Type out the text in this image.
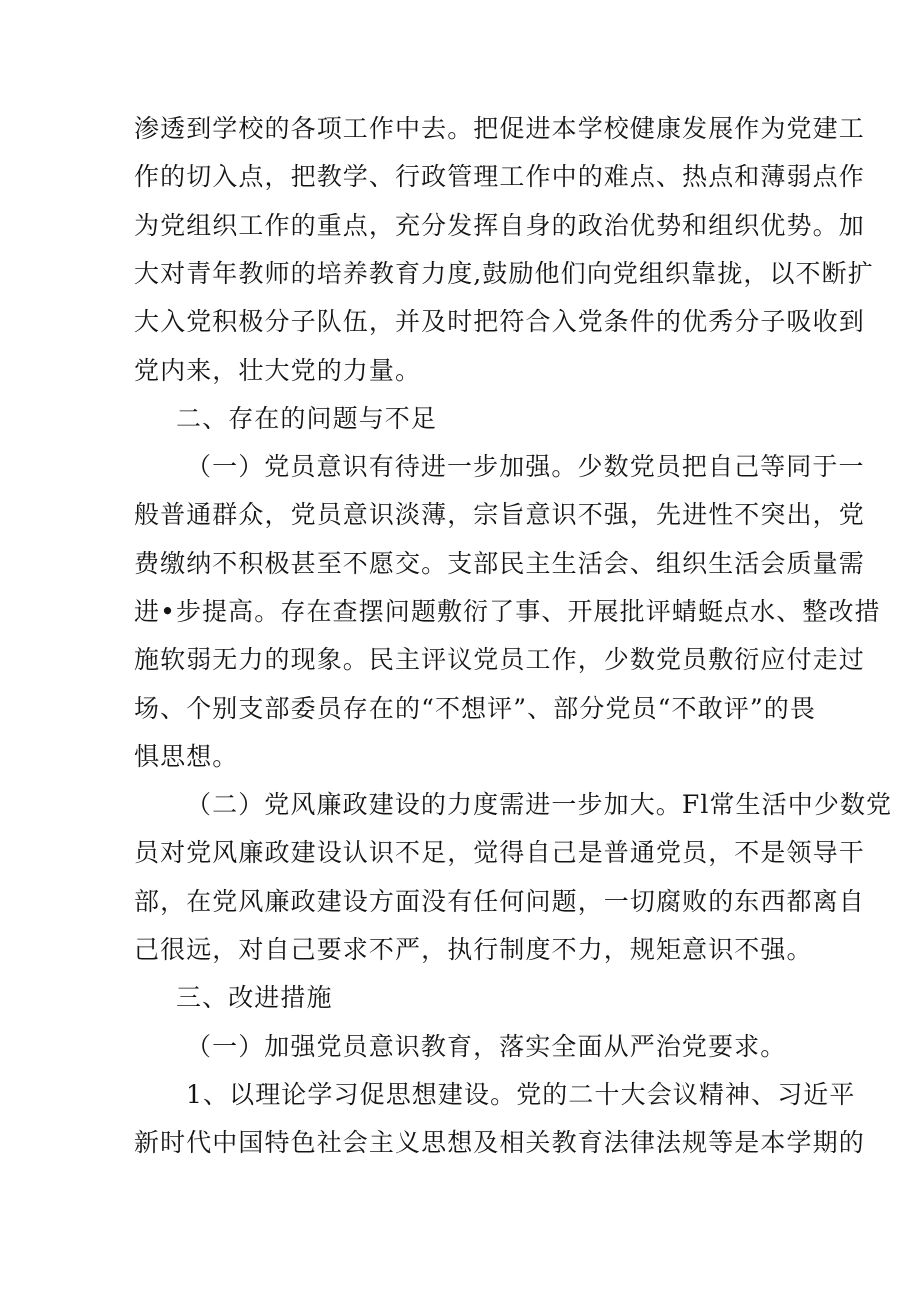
渗透到学校的各项工作中去。把促进本学校健康发展作为党建工
作的切入点，把教学、行政管理工作中的难点、热点和薄弱点作
为党组织工作的重点，充分发挥自身的政治优势和组织优势。加
大对青年教师的培养教育力度,鼓励他们向党组织靠拢，以不断扩
大入党积极分子队伍，并及时把符合入党条件的优秀分子吸收到
党内来，壮大党的力量。
二、存在的问题与不足
（一）党员意识有待进一步加强。少数党员把自己等同于一
般普通群众，党员意识淡薄，宗旨意识不强，先进性不突出，党
费缴纳不积极甚至不愿交。支部民主生活会、组织生活会质量需
进•步提高。存在查摆问题敷衍了事、开展批评蜻蜓点水、整改措
施软弱无力的现象。民主评议党员工作，少数党员敷衍应付走过
场、个别支部委员存在的“不想评”、部分党员“不敢评”的畏
惧思想。
（二）党风廉政建设的力度需进一步加大。Fl常生活中少数党
员对党风廉政建设认识不足，觉得自己是普通党员，不是领导干
部，在党风廉政建设方面没有任何问题，一切腐败的东西都离自
己很远，对自己要求不严，执行制度不力，规矩意识不强。
三、改进措施
（一）加强党员意识教育，落实全面从严治党要求。
1、以理论学习促思想建设。党的二十大会议精神、习近平
新时代中国特色社会主义思想及相关教育法律法规等是本学期的
